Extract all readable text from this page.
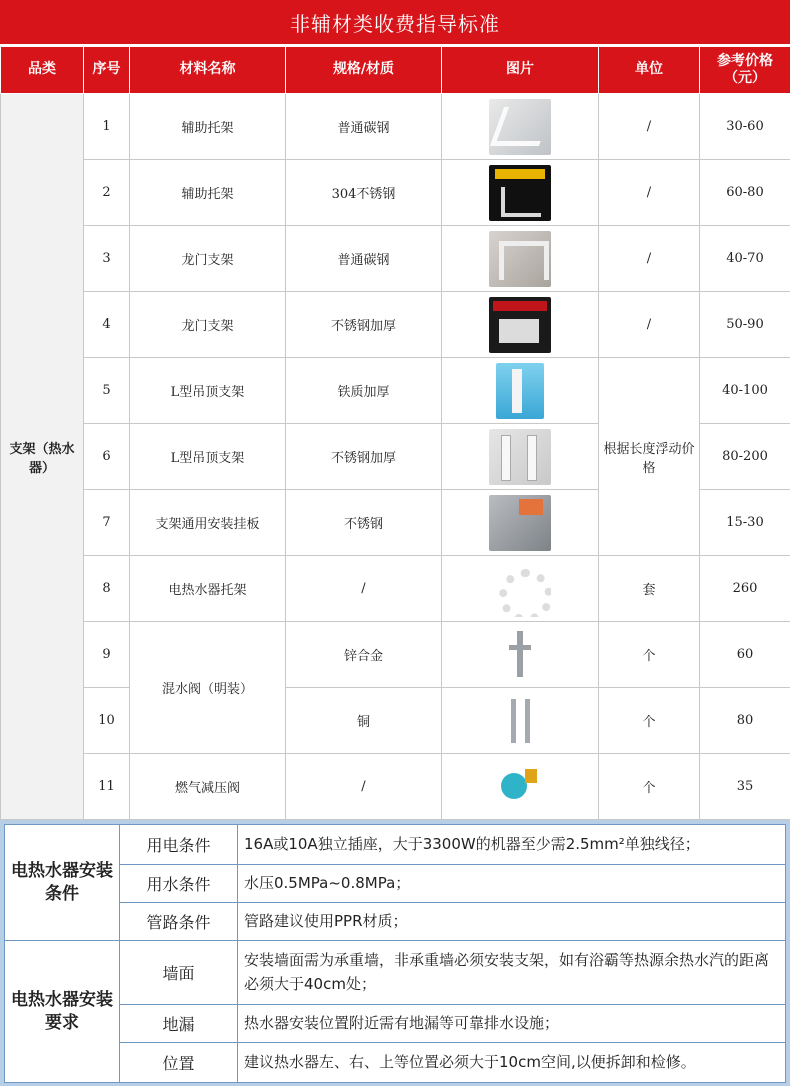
非辅材类收费指导标准
品类	序号	材料名称	规格/材质	图片	单位	参考价格（元）
支架（热水器）	1	辅助托架	普通碳钢		/	30-60
	2	辅助托架	304不锈钢		/	60-80
	3	龙门支架	普通碳钢		/	40-70
	4	龙门支架	不锈钢加厚		/	50-90
	5	L型吊顶支架	铁质加厚		根据长度浮动价格	40-100
	6	L型吊顶支架	不锈钢加厚			80-200
	7	支架通用安装挂板	不锈钢			15-30
	8	电热水器托架	/		套	260
	9	混水阀（明装）	锌合金		个	60
	10		铜		个	80
	11	燃气减压阀	/		个	35
电热水器安装条件	用电条件	16A或10A独立插座，大于3300W的机器至少需2.5mm²单独线径；
	用水条件	水压0.5MPa~0.8MPa；
	管路条件	管路建议使用PPR材质；
电热水器安装要求	墙面	安装墙面需为承重墙，非承重墙必须安装支架，如有浴霸等热源余热水汽的距离必须大于40cm处；
	地漏	热水器安装位置附近需有地漏等可靠排水设施；
	位置	建议热水器左、右、上等位置必须大于10cm空间,以便拆卸和检修。
